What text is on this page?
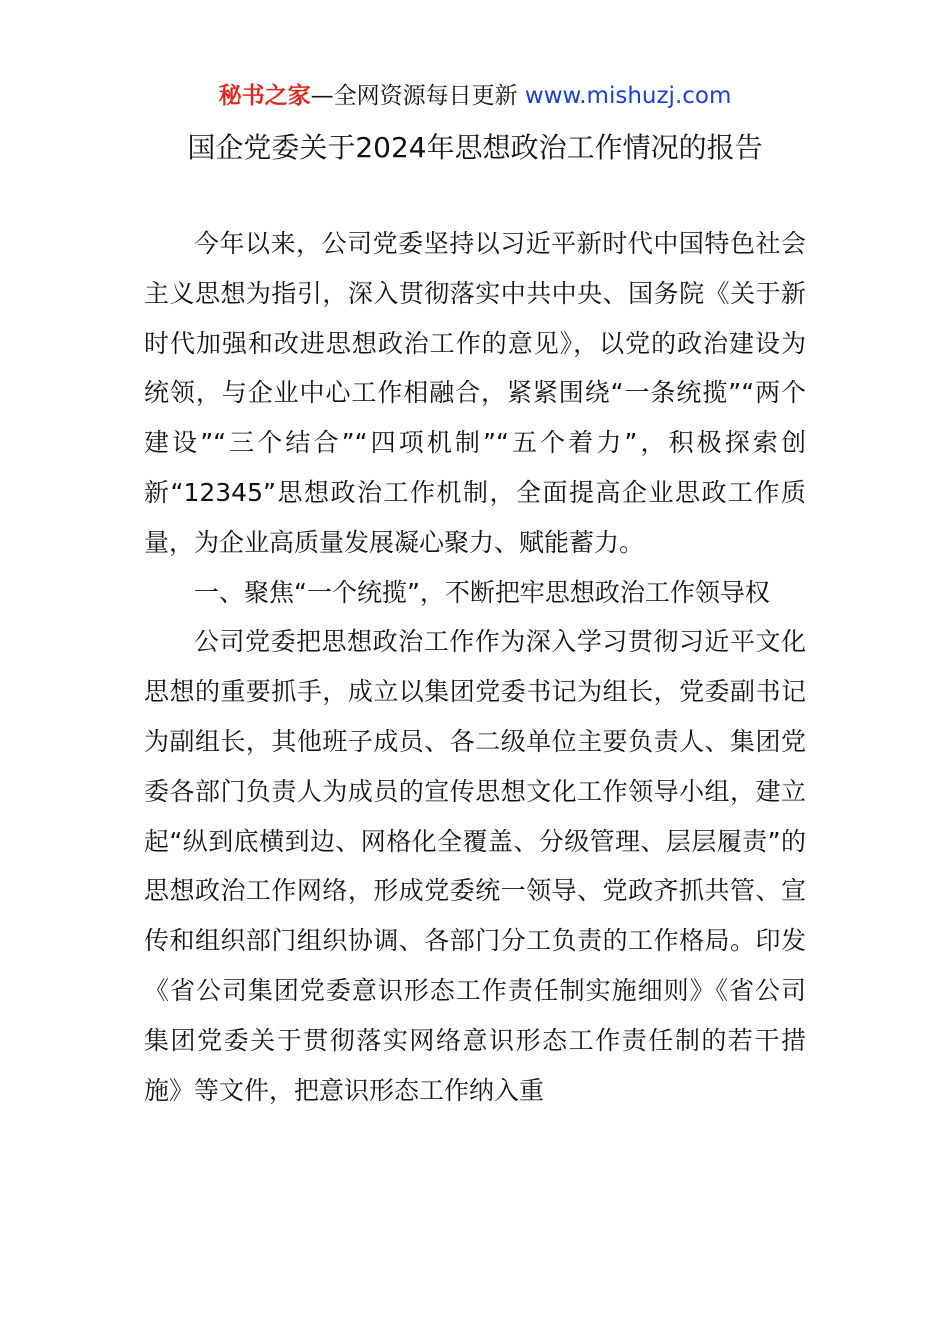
秘书之家—全网资源每日更新 www.mishuzj.com
国企党委关于2024年思想政治工作情况的报告

今年以来，公司党委坚持以习近平新时代中国特色社会主义思想为指引，深入贯彻落实中共中央、国务院《关于新时代加强和改进思想政治工作的意见》，以党的政治建设为统领，与企业中心工作相融合，紧紧围绕“一条统揽”“两个建设”“三个结合”“四项机制”“五个着力”，积极探索创新“12345”思想政治工作机制，全面提高企业思政工作质量，为企业高质量发展凝心聚力、赋能蓄力。

一、聚焦“一个统揽”，不断把牢思想政治工作领导权

公司党委把思想政治工作作为深入学习贯彻习近平文化思想的重要抓手，成立以集团党委书记为组长，党委副书记为副组长，其他班子成员、各二级单位主要负责人、集团党委各部门负责人为成员的宣传思想文化工作领导小组，建立起“纵到底横到边、网格化全覆盖、分级管理、层层履责”的思想政治工作网络，形成党委统一领导、党政齐抓共管、宣传和组织部门组织协调、各部门分工负责的工作格局。印发《省公司集团党委意识形态工作责任制实施细则》《省公司集团党委关于贯彻落实网络意识形态工作责任制的若干措施》等文件，把意识形态工作纳入重
